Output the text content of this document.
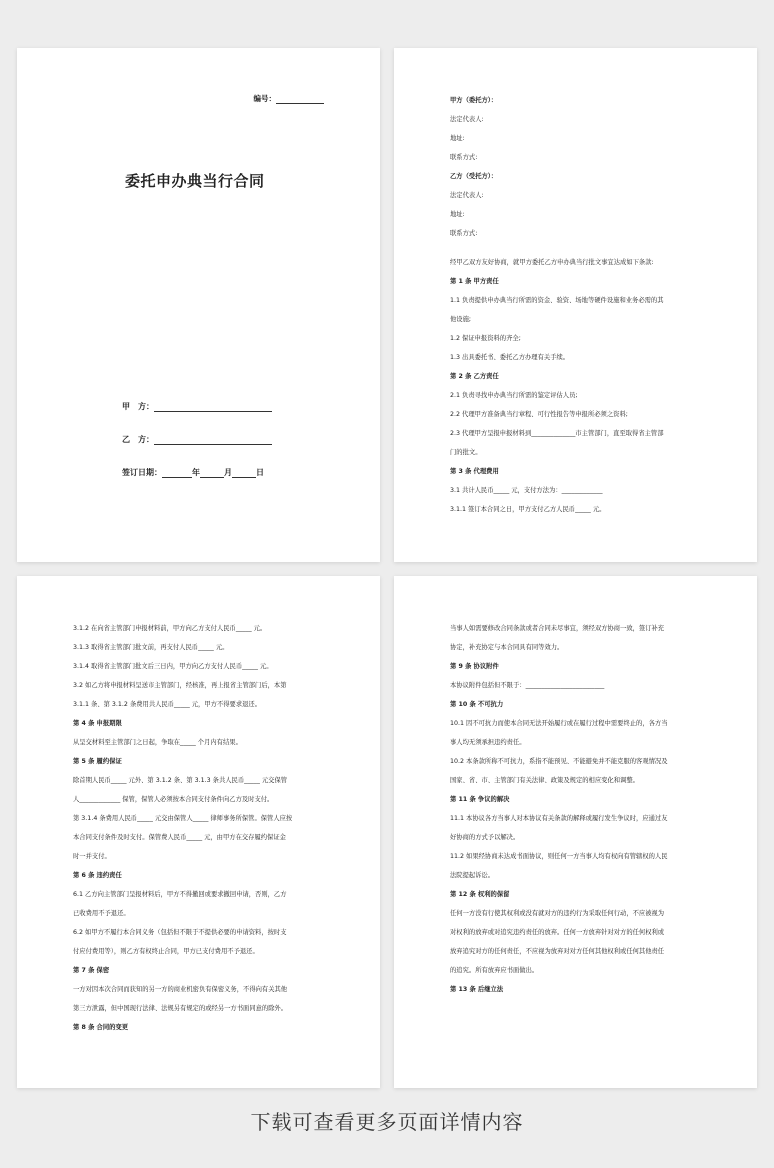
编号：
委托申办典当行合同
甲　方：
乙　方：
签订日期：	年	月	日

甲方（委托方）：

法定代表人:

地址:

联系方式:

乙方（受托方）：

法定代表人:

地址:

联系方式:

经甲乙双方友好协商，就甲方委托乙方申办典当行批文事宜达成如下条款:

第 1 条 甲方责任

1.1 负责提供申办典当行所需的资金、验资、场地等硬件设施和业务必需的其

他设施;

1.2 保证申报资料的齐全;

1.3 出具委托书、委托乙方办理有关手续。

第 2 条 乙方责任

2.1 负责寻找申办典当行所需的鉴定评估人员;

2.2 代理甲方准备典当行章程、可行性报告等申报所必须之资料;

2.3 代理甲方呈报申报材料到______________市主管部门，直至取得省主管部

门的批文。

第 3 条 代理费用

3.1 共计人民币_____ 元，支付方法为：_____________

3.1.1 签订本合同之日，甲方支付乙方人民币_____ 元。

3.1.2 在向省主管部门申报材料前，甲方向乙方支付人民币_____ 元。

3.1.3 取得省主管部门批文前，再支付人民币_____ 元。

3.1.4 取得省主管部门批文后三日内，甲方向乙方支付人民币_____ 元。

3.2 如乙方将申报材料呈送市主管部门，经核准，再上报省主管部门后，本第

3.1.1 条、第 3.1.2 条费用共人民币_____ 元，甲方不得要求退还。

第 4 条 申报期限

从呈交材料至主管部门之日起，争取在_____ 个月内有结果。

第 5 条 履约保证

除首期人民币_____ 元外、第 3.1.2 条、第 3.1.3 条共人民币_____ 元交保管

人_____________ 保管，保管人必须按本合同支付条件向乙方及时支付。

第 3.1.4 条费用人民币_____ 元交由保管人_____ 律师事务所保管。保管人应按

本合同支付条件及时支付。保管费人民币_____ 元，由甲方在交存履约保证金

时一并支付。

第 6 条 违约责任

6.1 乙方向主管部门呈报材料后，甲方不得撤回或要求撤回申请，否则，乙方

已收费用不予退还。

6.2 如甲方不履行本合同义务（包括但不限于不提供必要的申请资料，按时支

付应付费用等），则乙方有权终止合同，甲方已支付费用不予退还。

第 7 条 保密

一方对因本次合同而获知的另一方的商业机密负有保密义务，不得向有关其他

第三方泄露，但中国现行法律、法规另有规定的或经另一方书面同意的除外。

第 8 条 合同的变更

当事人如需要修改合同条款或者合同未尽事宜，须经双方协商一致，签订补充

协定，补充协定与本合同具有同等效力。

第 9 条 协议附件

本协议附件包括但不限于：_________________________

第 10 条 不可抗力

10.1 因不可抗力而使本合同无法开始履行或在履行过程中需要终止的，各方当

事人均无须承担违约责任。

10.2 本条款所称不可抗力，系指不能预见、不能避免并不能克服的客观情况及

国家、省、市、主管部门有关法律、政策及规定的相应变化和调整。

第 11 条 争议的解决

11.1 本协议各方当事人对本协议有关条款的解释或履行发生争议时，应通过友

好协商的方式予以解决。

11.2 如果经协商未达成书面协议，则任何一方当事人均有权向有管辖权的人民

法院提起诉讼。

第 12 条 权利的保留

任何一方没有行使其权利或没有就对方的违约行为采取任何行动，不应被视为

对权利的放弃或对追究违约责任的放弃。任何一方放弃针对对方的任何权利或

放弃追究对方的任何责任，不应视为放弃对对方任何其他权利或任何其他责任

的追究。所有放弃应书面做出。

第 13 条 后继立法

下载可查看更多页面详情内容
